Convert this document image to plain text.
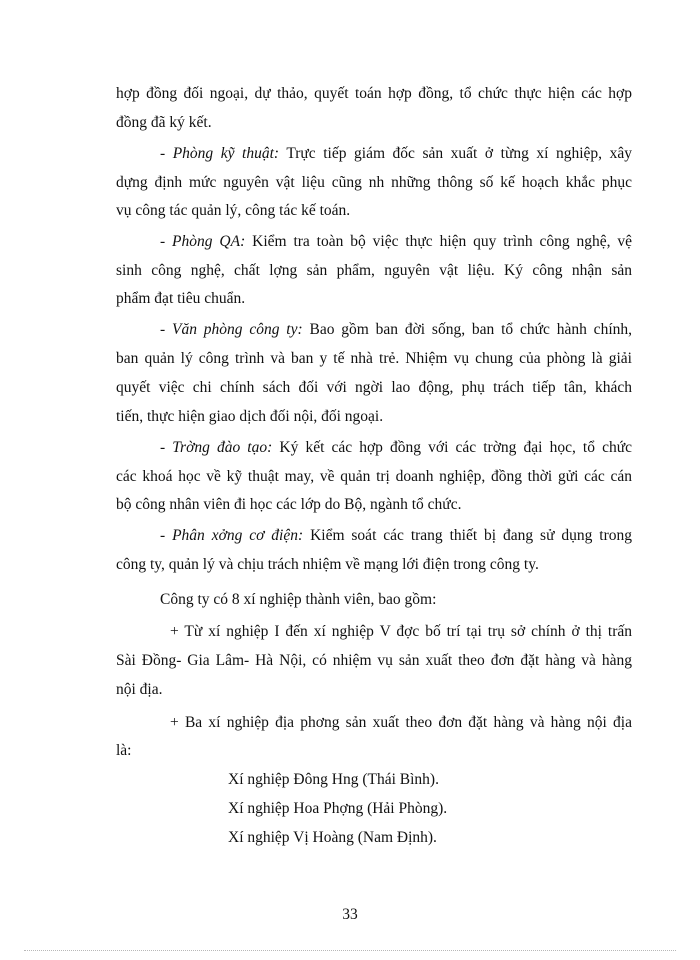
hợp đồng đối ngoại, dự thảo, quyết toán hợp đồng, tổ chức thực hiện các hợp

đồng đã ký kết.

- Phòng kỹ thuật: Trực tiếp giám đốc sản xuất ở từng xí nghiệp, xây

dựng định mức nguyên vật liệu cũng nh những thông số kế hoạch khắc phục

vụ công tác quản lý, công tác kế toán.

- Phòng QA: Kiểm tra toàn bộ việc thực hiện quy trình công nghệ, vệ

sinh công nghệ, chất lợng sản phẩm, nguyên vật liệu. Ký công nhận sản

phẩm đạt tiêu chuẩn.

- Văn phòng công ty: Bao gồm ban đời sống, ban tổ chức hành chính,

ban quản lý công trình và ban y tế nhà trẻ. Nhiệm vụ chung của phòng là giải

quyết việc chi chính sách đối với ngời lao động, phụ trách tiếp tân, khách

tiến, thực hiện giao dịch đối nội, đối ngoại.

- Trờng đào tạo: Ký kết các hợp đồng với các trờng đại học, tổ chức

các khoá học về kỹ thuật may, về quản trị doanh nghiệp, đồng thời gửi các cán

bộ công nhân viên đi học các lớp do Bộ, ngành tổ chức.

- Phân xởng cơ điện: Kiểm soát các trang thiết bị đang sử dụng trong

công ty, quản lý và chịu trách nhiệm về mạng lới điện trong công ty.

Công ty có 8 xí nghiệp thành viên, bao gồm:

+ Từ xí nghiệp I đến xí nghiệp V đợc bố trí tại trụ sở chính ở thị trấn

Sài Đồng- Gia Lâm- Hà Nội, có nhiệm vụ sản xuất theo đơn đặt hàng và hàng

nội địa.

+ Ba xí nghiệp địa phơng sản xuất theo đơn đặt hàng và hàng nội địa

là:

Xí nghiệp Đông Hng (Thái Bình).

Xí nghiệp Hoa Phợng (Hải Phòng).

Xí nghiệp Vị Hoàng (Nam Định).

33
